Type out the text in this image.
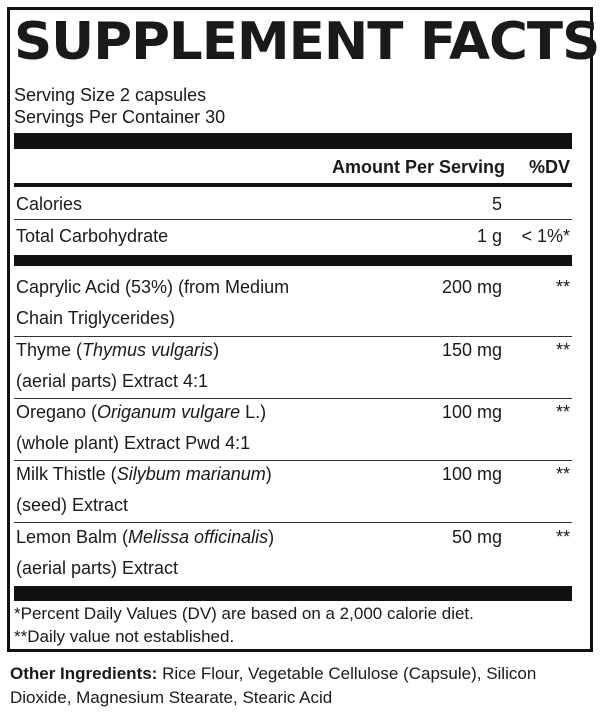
SUPPLEMENT FACTS
Serving Size 2 capsules
Servings Per Container 30
Amount Per Serving %DV
Calories	5
Total Carbohydrate	1 g < 1%*
Caprylic Acid (53%) (from Medium
Chain Triglycerides)
200 mg	**
Thyme (Thymus vulgaris)
(aerial parts) Extract 4:1
150 mg	**
Oregano (Origanum vulgare L.)
(whole plant) Extract Pwd 4:1
100 mg	**
Milk Thistle (Silybum marianum)
(seed) Extract
100 mg	**
Lemon Balm (Melissa officinalis)
(aerial parts) Extract
50 mg	**
*Percent Daily Values (DV) are based on a 2,000 calorie diet.
**Daily value not established.
Other Ingredients: Rice Flour, Vegetable Cellulose (Capsule), Silicon
Dioxide, Magnesium Stearate, Stearic Acid
